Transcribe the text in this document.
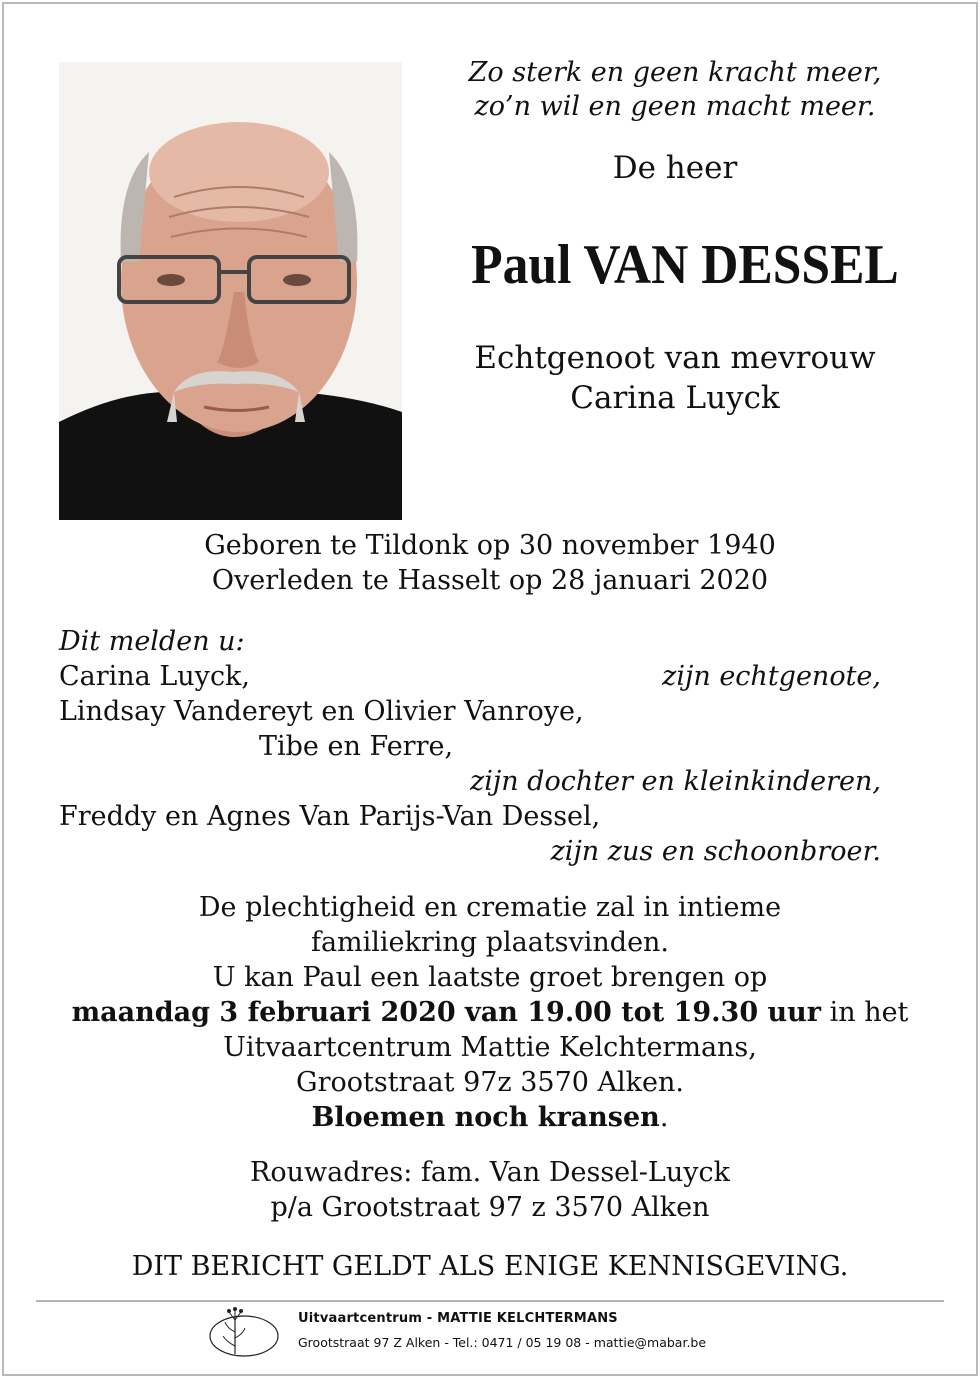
Zo sterk en geen kracht meer,
zo’n wil en geen macht meer.
De heer
Paul VAN DESSEL
Echtgenoot van mevrouw
Carina Luyck
Geboren te Tildonk op 30 november 1940
Overleden te Hasselt op 28 januari 2020
Dit melden u:
Carina Luyck,	zijn echtgenote,
Lindsay Vandereyt en Olivier Vanroye,
Tibe en Ferre,
zijn dochter en kleinkinderen,
Freddy en Agnes Van Parijs-Van Dessel,
zijn zus en schoonbroer.
De plechtigheid en crematie zal in intieme
familiekring plaatsvinden.
U kan Paul een laatste groet brengen op
maandag 3 februari 2020 van 19.00 tot 19.30 uur in het
Uitvaartcentrum Mattie Kelchtermans,
Grootstraat 97z 3570 Alken.
Bloemen noch kransen.
Rouwadres: fam. Van Dessel-Luyck
p/a Grootstraat 97 z 3570 Alken
DIT BERICHT GELDT ALS ENIGE KENNISGEVING.
Uitvaartcentrum - MATTIE KELCHTERMANS
Grootstraat 97 Z Alken - Tel.: 0471 / 05 19 08 - mattie@mabar.be
